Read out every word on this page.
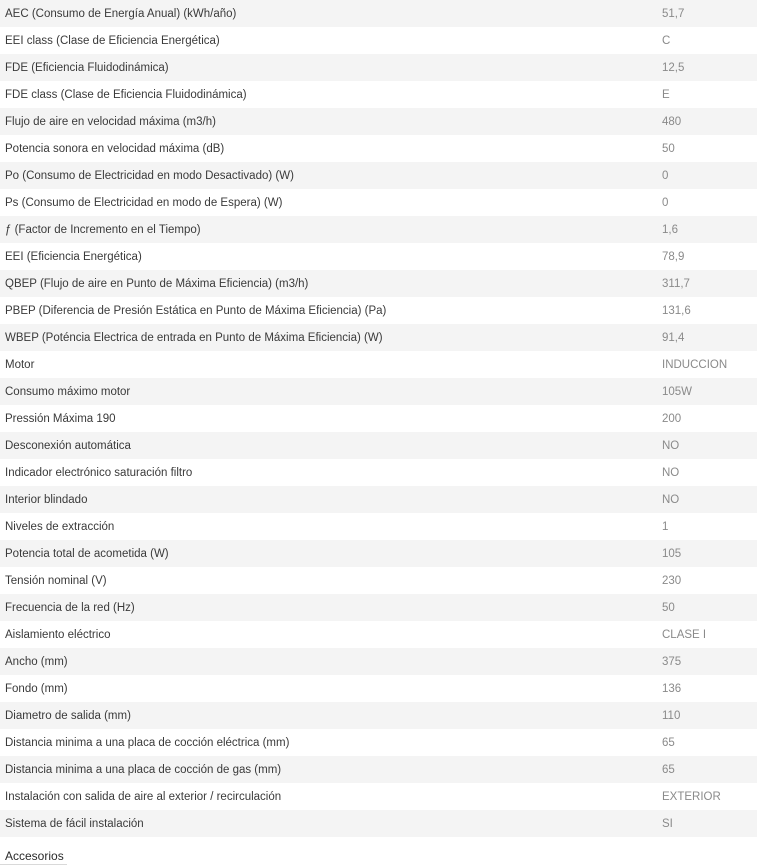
AEC (Consumo de Energía Anual) (kWh/año)	51,7
EEI class (Clase de Eficiencia Energética)	C
FDE (Eficiencia Fluidodinámica)	12,5
FDE class (Clase de Eficiencia Fluidodinámica)	E
Flujo de aire en velocidad máxima (m3/h)	480
Potencia sonora en velocidad máxima (dB)	50
Po (Consumo de Electricidad en modo Desactivado) (W)	0
Ps (Consumo de Electricidad en modo de Espera) (W)	0
ƒ (Factor de Incremento en el Tiempo)	1,6
EEI (Eficiencia Energética)	78,9
QBEP (Flujo de aire en Punto de Máxima Eficiencia) (m3/h)	311,7
PBEP (Diferencia de Presión Estática en Punto de Máxima Eficiencia) (Pa)	131,6
WBEP (Poténcia Electrica de entrada en Punto de Máxima Eficiencia) (W)	91,4
Motor	INDUCCION
Consumo máximo motor	105W
Pressión Máxima 190	200
Desconexión automática	NO
Indicador electrónico saturación filtro	NO
Interior blindado	NO
Niveles de extracción	1
Potencia total de acometida (W)	105
Tensión nominal (V)	230
Frecuencia de la red (Hz)	50
Aislamiento eléctrico	CLASE I
Ancho (mm)	375
Fondo (mm)	136
Diametro de salida (mm)	110
Distancia minima a una placa de cocción eléctrica (mm)	65
Distancia minima a una placa de cocción de gas (mm)	65
Instalación con salida de aire al exterior / recirculación	EXTERIOR
Sistema de fácil instalación	SI
Accesorios
